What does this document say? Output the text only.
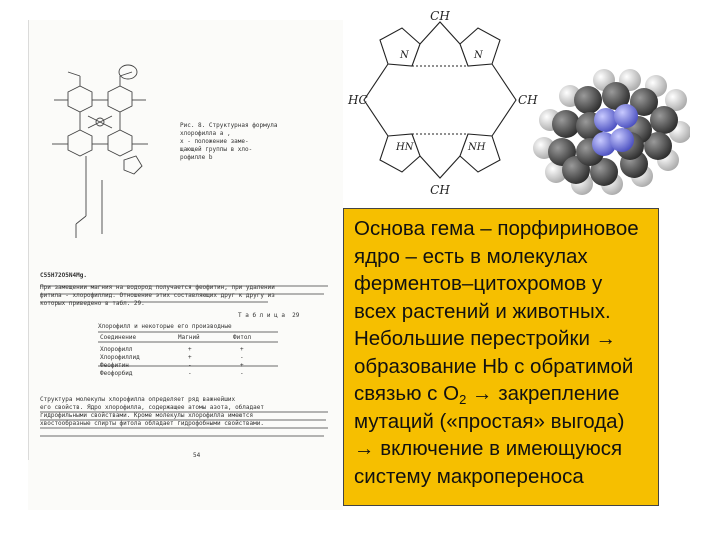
Рис. 8. Структурная формула
хлорофилла а ,
х - положение заме-
щающей группы в хло-
рофилле b
C55H72O5N4Mg.
Т а б л и ц а  29
Хлорофилл и некоторые его производные
Соединение	Магний	Фитол
Хлорофилл	+	+
Хлорофиллид	+	-
Феофитин	-	+
Феофорбид	-	-
При замещении магния на водород получается феофитин, при удалении
фитила - хлорофиллид. Отношение этих составляющих друг к другу из
которых приведено в табл. 29.
Структура молекулы хлорофилла определяет ряд важнейших
его свойств. Ядро хлорофилла, содержащее атомы азота, обладает
гидрофильными свойствами. Кроме молекулы хлорофилла имеются
хвостообразные спирты фитола обладает гидрофобными свойствами.
54
CH
HC	CH
CH
N	N
HN	NH

Основа гема – порфириновое

ядро – есть в молекулах

ферментов–цитохромов у

всех растений и животных.

Небольшие перестройки →

образование Hb с обратимой

связью с $O_2$ → закрепление

мутаций («простая» выгода)

→ включение в имеющуюся

систему макропереноса
